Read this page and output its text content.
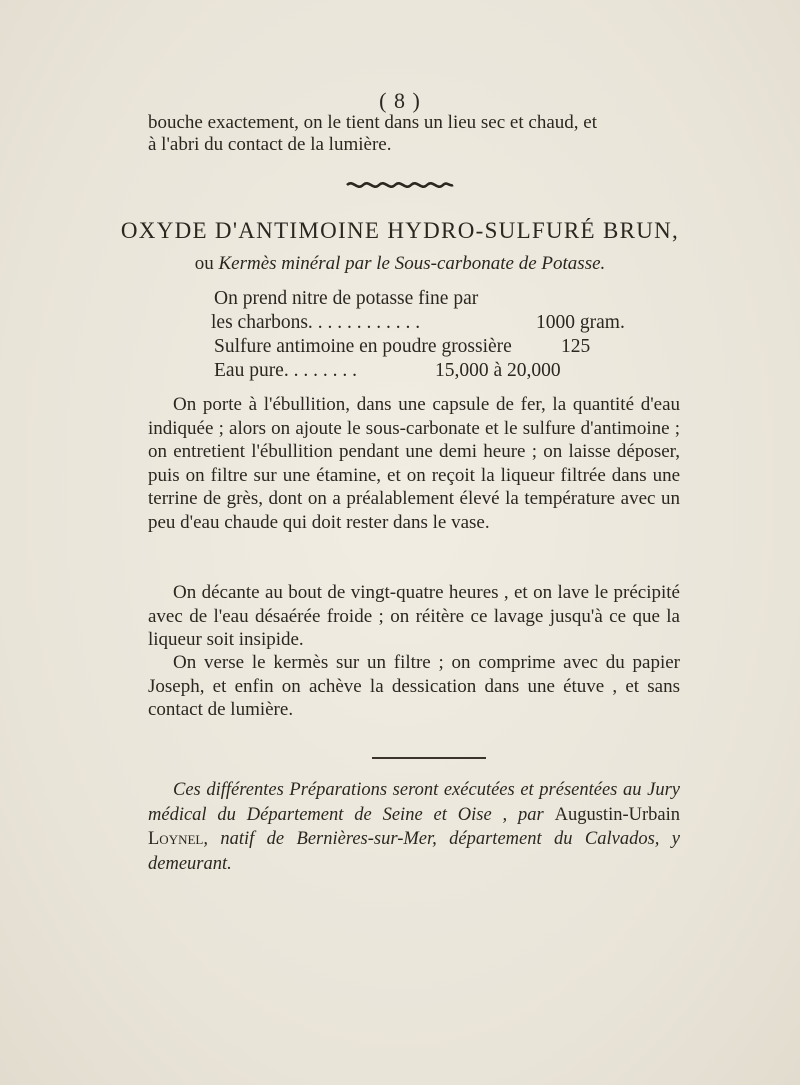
( 8 )
bouche exactement, on le tient dans un lieu sec et chaud, et
à l'abri du contact de la lumière.
OXYDE D'ANTIMOINE HYDRO-SULFURÉ BRUN,
ou Kermès minéral par le Sous-carbonate de Potasse.
On prend nitre de potasse fine par
les charbons. . . . . . . . . . . .	1000 gram.
Sulfure antimoine en poudre grossière	125
Eau pure. . . . . . . .	15,000 à 20,000

On porte à l'ébullition, dans une capsule de fer, la quantité d'eau indiquée ; alors on ajoute le sous-carbonate et le sulfure d'antimoine ; on entretient l'ébullition pendant une demi heure ; on laisse déposer, puis on filtre sur une étamine, et on reçoit la liqueur filtrée dans une terrine de grès, dont on a préalablement élevé la température avec un peu d'eau chaude qui doit rester dans le vase.

On décante au bout de vingt-quatre heures , et on lave le précipité avec de l'eau désaérée froide ; on réitère ce lavage jusqu'à ce que la liqueur soit insipide.

On verse le kermès sur un filtre ; on comprime avec du papier Joseph, et enfin on achève la dessication dans une étuve , et sans contact de lumière.

Ces différentes Préparations seront exécutées et présentées au Jury médical du Département de Seine et Oise , par Augustin-Urbain Loynel, natif de Bernières-sur-Mer, département du Calvados, y demeurant.
